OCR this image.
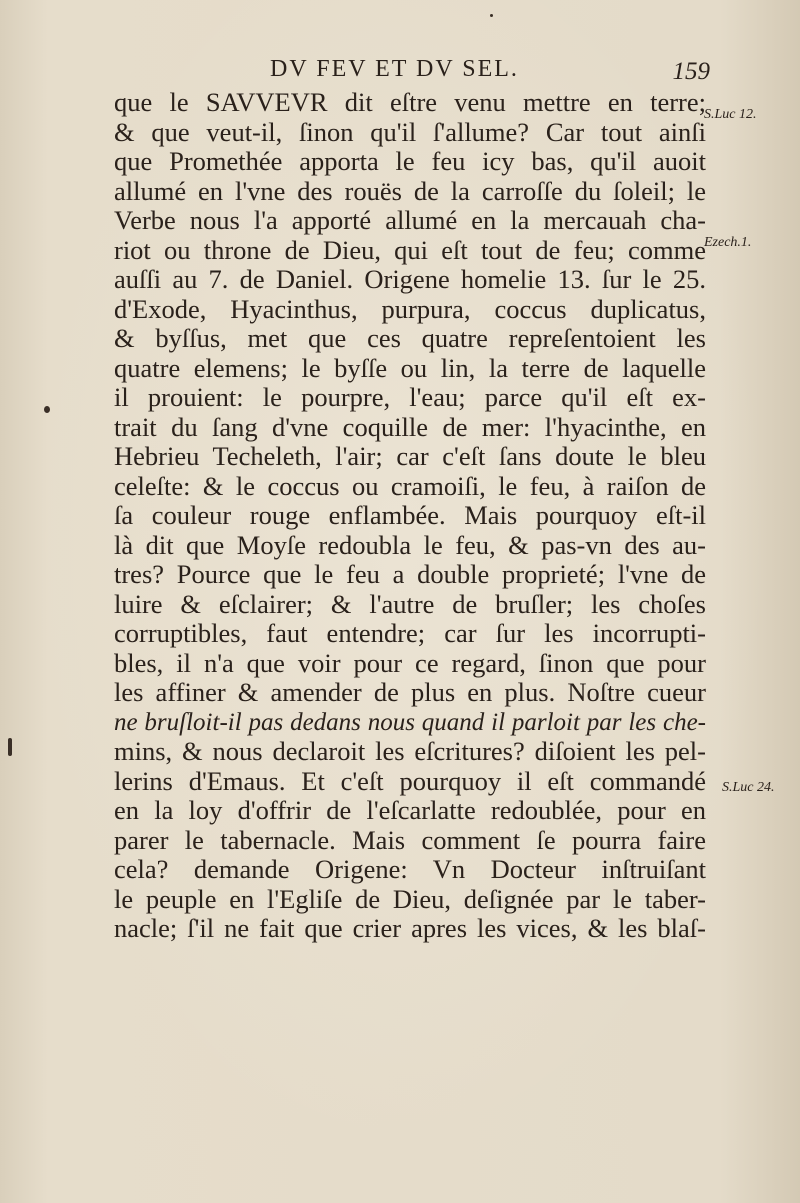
DV FEV ET DV SEL.	159
que le SAVVEVR dit eſtre venu mettre en terre;
& que veut-il, ſinon qu'il ſ'allume? Car tout ainſi
que Promethée apporta le feu icy bas, qu'il auoit
allumé en l'vne des rouës de la carroſſe du ſoleil; le
Verbe nous l'a apporté allumé en la mercauah cha-
riot ou throne de Dieu, qui eſt tout de feu; comme
auſſi au 7. de Daniel. Origene homelie 13. ſur le 25.
d'Exode, Hyacinthus, purpura, coccus duplicatus,
& byſſus, met que ces quatre repreſentoient les
quatre elemens; le byſſe ou lin, la terre de laquelle
il prouient: le pourpre, l'eau; parce qu'il eſt ex-
trait du ſang d'vne coquille de mer: l'hyacinthe, en
Hebrieu Techeleth, l'air; car c'eſt ſans doute le bleu
celeſte: & le coccus ou cramoiſi, le feu, à raiſon de
ſa couleur rouge enflambée. Mais pourquoy eſt-il
là dit que Moyſe redoubla le feu, & pas-vn des au-
tres? Pource que le feu a double proprieté; l'vne de
luire & eſclairer; & l'autre de bruſler; les choſes
corruptibles, faut entendre; car ſur les incorrupti-
bles, il n'a que voir pour ce regard, ſinon que pour
les affiner & amender de plus en plus. Noſtre cueur
ne bruſloit-il pas dedans nous quand il parloit par les che-
mins, & nous declaroit les eſcritures? diſoient les pel-
lerins d'Emaus. Et c'eſt pourquoy il eſt commandé
en la loy d'offrir de l'eſcarlatte redoublée, pour en
parer le tabernacle. Mais comment ſe pourra faire
cela? demande Origene: Vn Docteur inſtruiſant
le peuple en l'Egliſe de Dieu, deſignée par le taber-
nacle; ſ'il ne fait que crier apres les vices, & les blaſ-
S.Luc 12.
Ezech.1.
S.Luc 24.
